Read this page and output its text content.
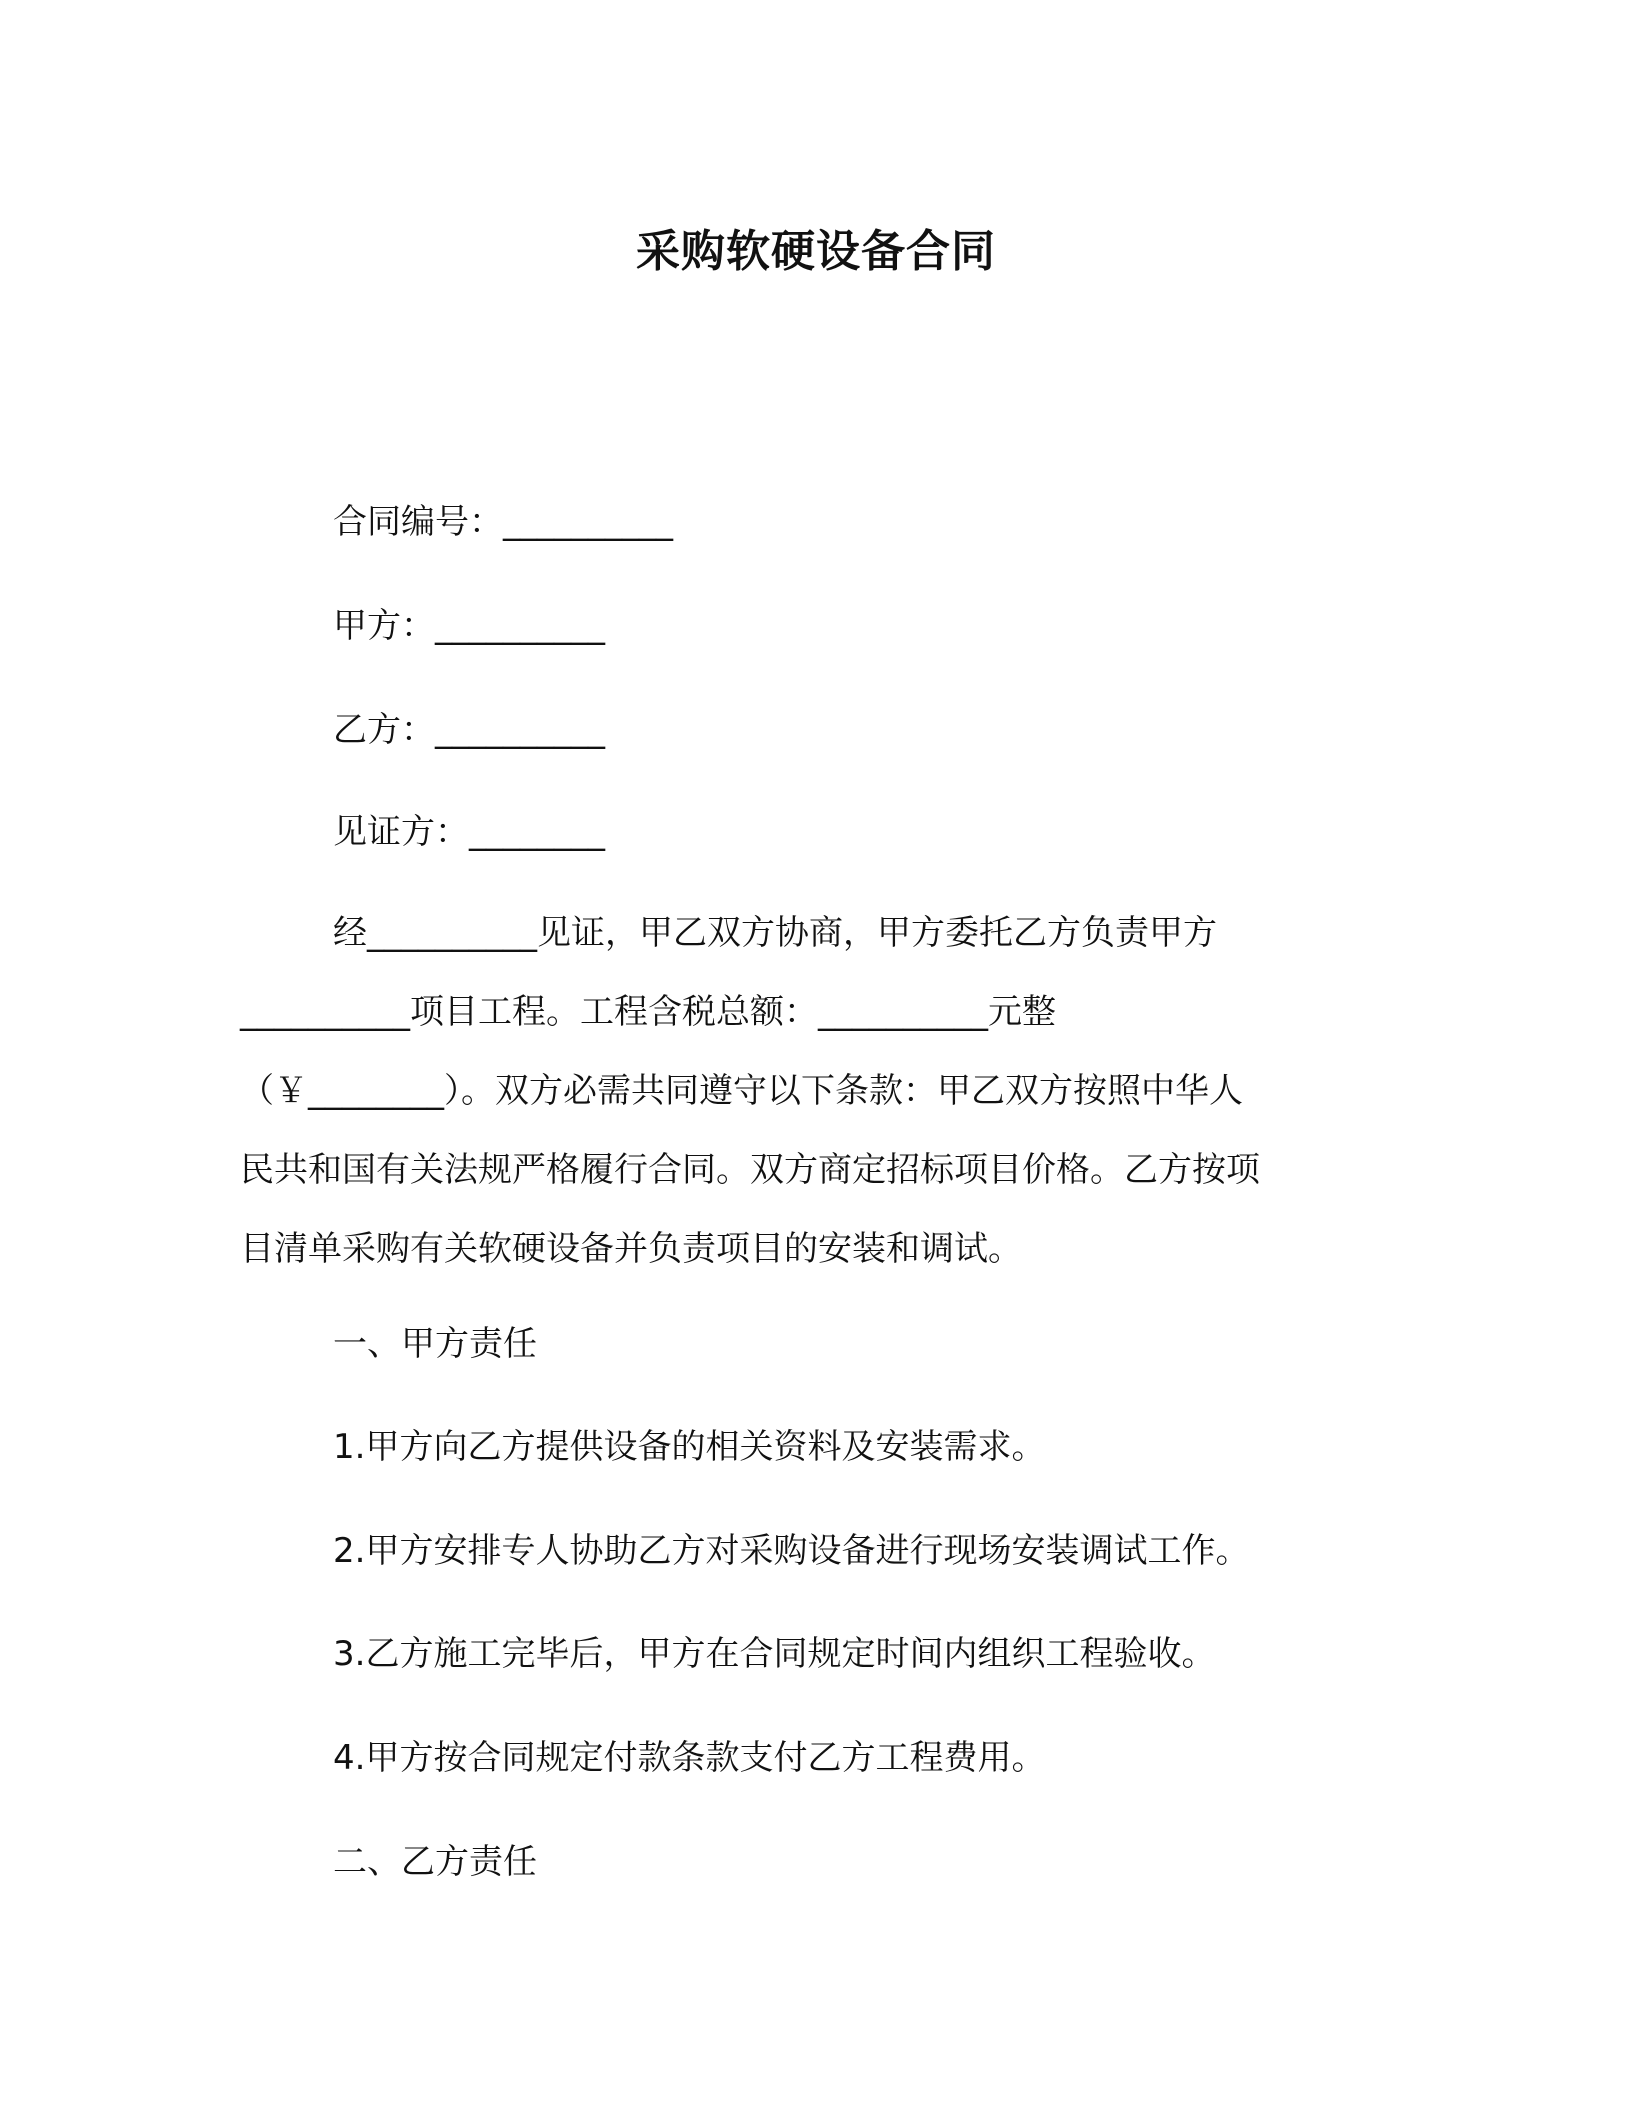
采购软硬设备合同
合同编号：__________
甲方：__________
乙方：__________
见证方：________
经__________见证，甲乙双方协商，甲方委托乙方负责甲方
__________项目工程。工程含税总额：__________元整
（￥________）。双方必需共同遵守以下条款：甲乙双方按照中华人
民共和国有关法规严格履行合同。双方商定招标项目价格。乙方按项
目清单采购有关软硬设备并负责项目的安装和调试。
一、甲方责任
1.甲方向乙方提供设备的相关资料及安装需求。
2.甲方安排专人协助乙方对采购设备进行现场安装调试工作。
3.乙方施工完毕后，甲方在合同规定时间内组织工程验收。
4.甲方按合同规定付款条款支付乙方工程费用。
二、乙方责任
